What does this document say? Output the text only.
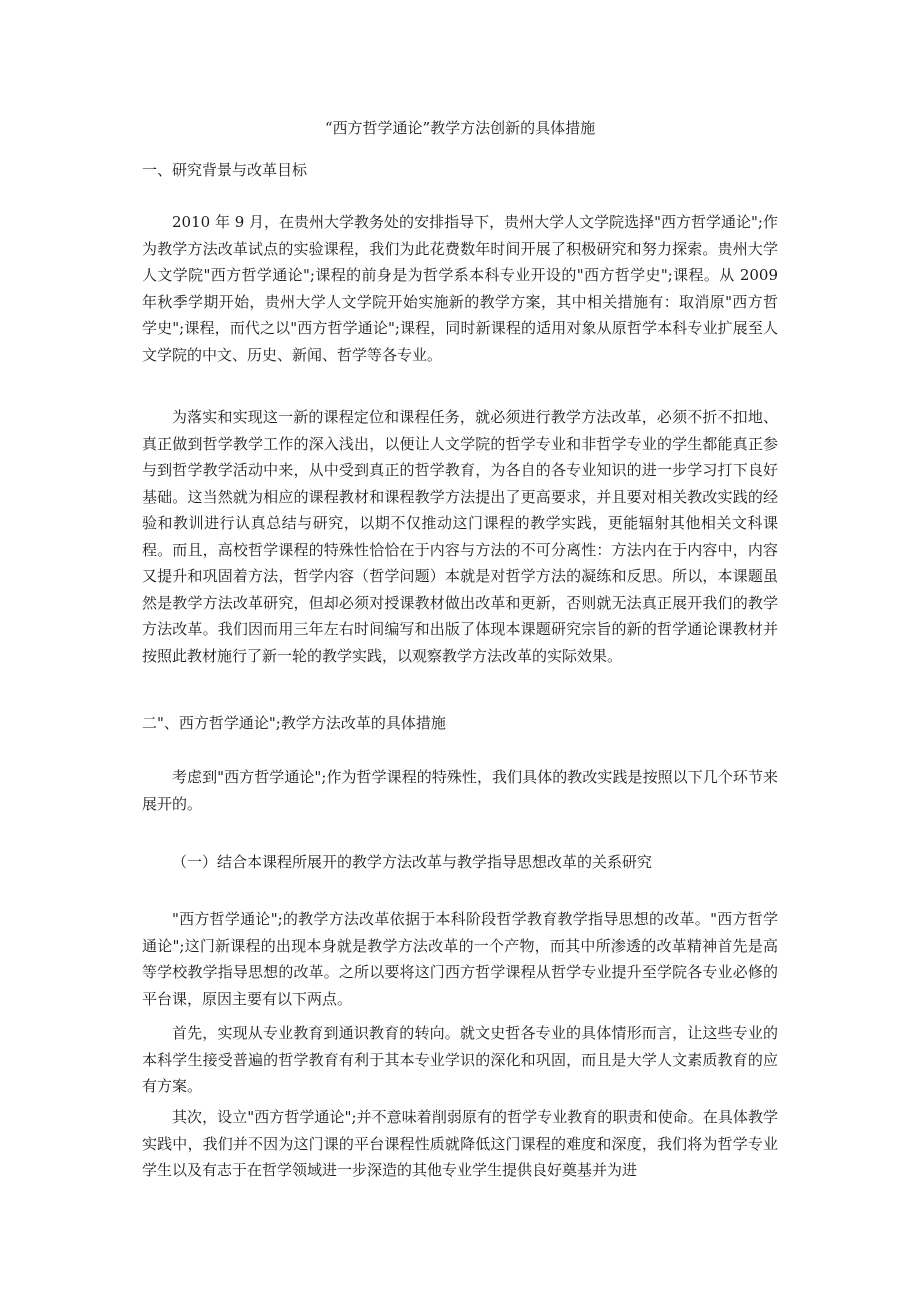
“西方哲学通论”教学方法创新的具体措施
一、研究背景与改革目标

2010 年 9 月，在贵州大学教务处的安排指导下，贵州大学人文学院选择"西方哲学通论";作为教学方法改革试点的实验课程，我们为此花费数年时间开展了积极研究和努力探索。贵州大学人文学院"西方哲学通论";课程的前身是为哲学系本科专业开设的"西方哲学史";课程。从 2009 年秋季学期开始，贵州大学人文学院开始实施新的教学方案，其中相关措施有：取消原"西方哲学史";课程，而代之以"西方哲学通论";课程，同时新课程的适用对象从原哲学本科专业扩展至人文学院的中文、历史、新闻、哲学等各专业。

为落实和实现这一新的课程定位和课程任务，就必须进行教学方法改革，必须不折不扣地、真正做到哲学教学工作的深入浅出，以便让人文学院的哲学专业和非哲学专业的学生都能真正参与到哲学教学活动中来，从中受到真正的哲学教育，为各自的各专业知识的进一步学习打下良好基础。这当然就为相应的课程教材和课程教学方法提出了更高要求，并且要对相关教改实践的经验和教训进行认真总结与研究，以期不仅推动这门课程的教学实践，更能辐射其他相关文科课程。而且，高校哲学课程的特殊性恰恰在于内容与方法的不可分离性：方法内在于内容中，内容又提升和巩固着方法，哲学内容（哲学问题）本就是对哲学方法的凝练和反思。所以，本课题虽然是教学方法改革研究，但却必须对授课教材做出改革和更新，否则就无法真正展开我们的教学方法改革。我们因而用三年左右时间编写和出版了体现本课题研究宗旨的新的哲学通论课教材并按照此教材施行了新一轮的教学实践，以观察教学方法改革的实际效果。

二"、西方哲学通论";教学方法改革的具体措施

考虑到"西方哲学通论";作为哲学课程的特殊性，我们具体的教改实践是按照以下几个环节来展开的。

（一）结合本课程所展开的教学方法改革与教学指导思想改革的关系研究

"西方哲学通论";的教学方法改革依据于本科阶段哲学教育教学指导思想的改革。"西方哲学通论";这门新课程的出现本身就是教学方法改革的一个产物，而其中所渗透的改革精神首先是高等学校教学指导思想的改革。之所以要将这门西方哲学课程从哲学专业提升至学院各专业必修的平台课，原因主要有以下两点。

首先，实现从专业教育到通识教育的转向。就文史哲各专业的具体情形而言，让这些专业的本科学生接受普遍的哲学教育有利于其本专业学识的深化和巩固，而且是大学人文素质教育的应有方案。

其次，设立"西方哲学通论";并不意味着削弱原有的哲学专业教育的职责和使命。在具体教学实践中，我们并不因为这门课的平台课程性质就降低这门课程的难度和深度，我们将为哲学专业学生以及有志于在哲学领域进一步深造的其他专业学生提供良好奠基并为进
